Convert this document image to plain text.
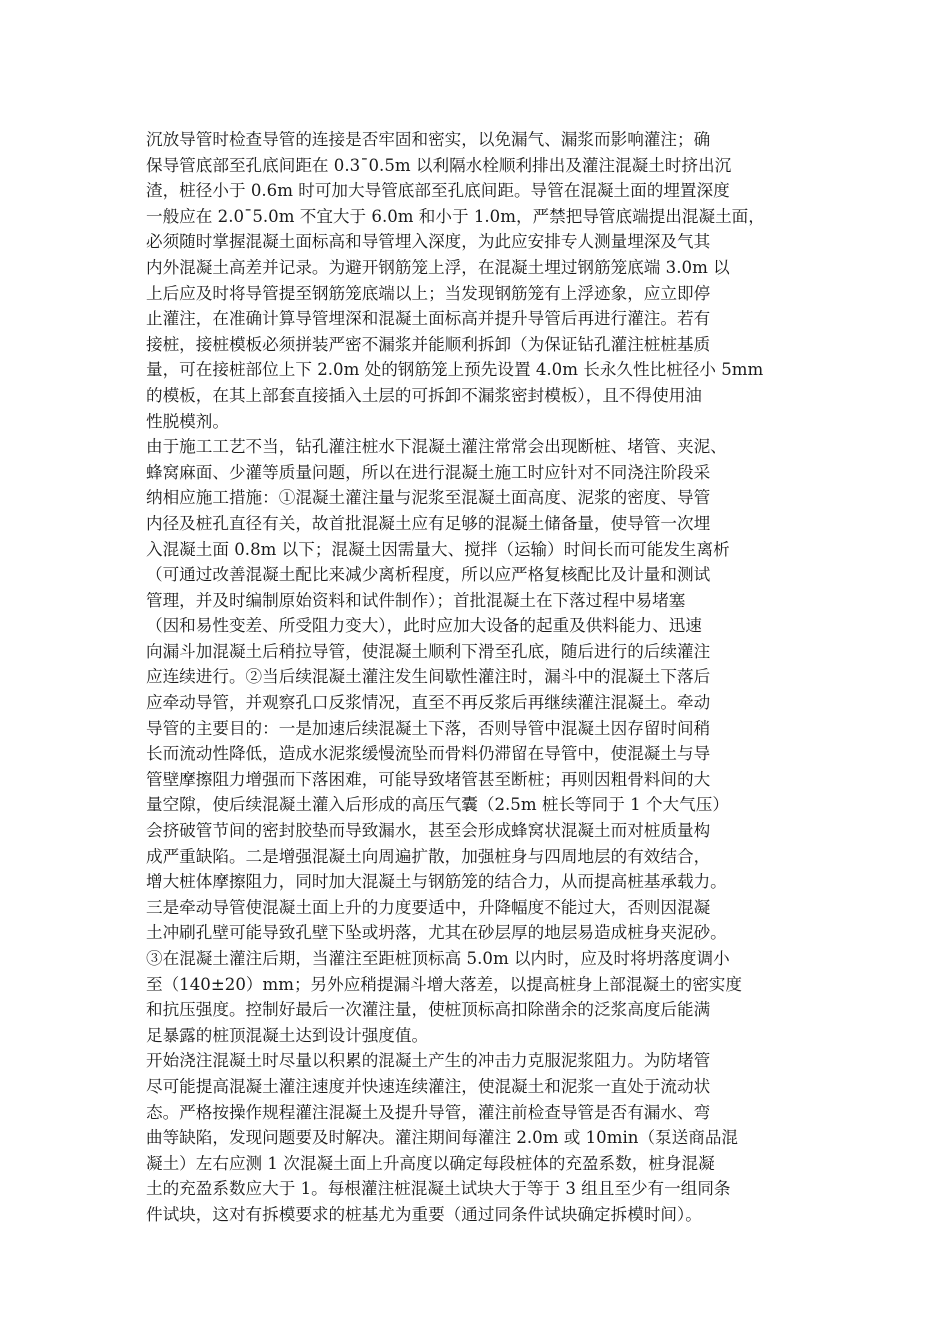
沉放导管时检查导管的连接是否牢固和密实，以免漏气、漏浆而影响灌注；确
保导管底部至孔底间距在 0.3¯0.5m 以利隔水栓顺利排出及灌注混凝土时挤出沉
渣，桩径小于 0.6m 时可加大导管底部至孔底间距。导管在混凝土面的埋置深度
一般应在 2.0¯5.0m 不宜大于 6.0m 和小于 1.0m，严禁把导管底端提出混凝土面，
必须随时掌握混凝土面标高和导管埋入深度，为此应安排专人测量埋深及气其
内外混凝土高差并记录。为避开钢筋笼上浮，在混凝土埋过钢筋笼底端 3.0m 以
上后应及时将导管提至钢筋笼底端以上；当发现钢筋笼有上浮迹象，应立即停
止灌注，在准确计算导管埋深和混凝土面标高并提升导管后再进行灌注。若有
接桩，接桩模板必须拼装严密不漏浆并能顺利拆卸（为保证钻孔灌注桩桩基质
量，可在接桩部位上下 2.0m 处的钢筋笼上预先设置 4.0m 长永久性比桩径小 5mm
的模板，在其上部套直接插入土层的可拆卸不漏浆密封模板），且不得使用油
性脱模剂。
由于施工工艺不当，钻孔灌注桩水下混凝土灌注常常会出现断桩、堵管、夹泥、
蜂窝麻面、少灌等质量问题，所以在进行混凝土施工时应针对不同浇注阶段采
纳相应施工措施：①混凝土灌注量与泥浆至混凝土面高度、泥浆的密度、导管
内径及桩孔直径有关，故首批混凝土应有足够的混凝土储备量，使导管一次埋
入混凝土面 0.8m 以下；混凝土因需量大、搅拌（运输）时间长而可能发生离析
（可通过改善混凝土配比来减少离析程度，所以应严格复核配比及计量和测试
管理，并及时编制原始资料和试件制作）；首批混凝土在下落过程中易堵塞
（因和易性变差、所受阻力变大），此时应加大设备的起重及供料能力、迅速
向漏斗加混凝土后稍拉导管，使混凝土顺利下滑至孔底，随后进行的后续灌注
应连续进行。②当后续混凝土灌注发生间歇性灌注时，漏斗中的混凝土下落后
应牵动导管，并观察孔口反浆情况，直至不再反浆后再继续灌注混凝土。牵动
导管的主要目的：一是加速后续混凝土下落，否则导管中混凝土因存留时间稍
长而流动性降低，造成水泥浆缓慢流坠而骨料仍滞留在导管中，使混凝土与导
管壁摩擦阻力增强而下落困难，可能导致堵管甚至断桩；再则因粗骨料间的大
量空隙，使后续混凝土灌入后形成的高压气囊（2.5m 桩长等同于 1 个大气压）
会挤破管节间的密封胶垫而导致漏水，甚至会形成蜂窝状混凝土而对桩质量构
成严重缺陷。二是增强混凝土向周遍扩散，加强桩身与四周地层的有效结合，
增大桩体摩擦阻力，同时加大混凝土与钢筋笼的结合力，从而提高桩基承载力。
三是牵动导管使混凝土面上升的力度要适中，升降幅度不能过大，否则因混凝
土冲刷孔壁可能导致孔壁下坠或坍落，尤其在砂层厚的地层易造成桩身夹泥砂。
③在混凝土灌注后期，当灌注至距桩顶标高 5.0m 以内时，应及时将坍落度调小
至（140±20）mm；另外应稍提漏斗增大落差，以提高桩身上部混凝土的密实度
和抗压强度。控制好最后一次灌注量，使桩顶标高扣除凿余的泛浆高度后能满
足暴露的桩顶混凝土达到设计强度值。
开始浇注混凝土时尽量以积累的混凝土产生的冲击力克服泥浆阻力。为防堵管
尽可能提高混凝土灌注速度并快速连续灌注，使混凝土和泥浆一直处于流动状
态。严格按操作规程灌注混凝土及提升导管，灌注前检查导管是否有漏水、弯
曲等缺陷，发现问题要及时解决。灌注期间每灌注 2.0m 或 10min（泵送商品混
凝土）左右应测 1 次混凝土面上升高度以确定每段桩体的充盈系数，桩身混凝
土的充盈系数应大于 1。每根灌注桩混凝土试块大于等于 3 组且至少有一组同条
件试块，这对有拆模要求的桩基尤为重要（通过同条件试块确定拆模时间）。
